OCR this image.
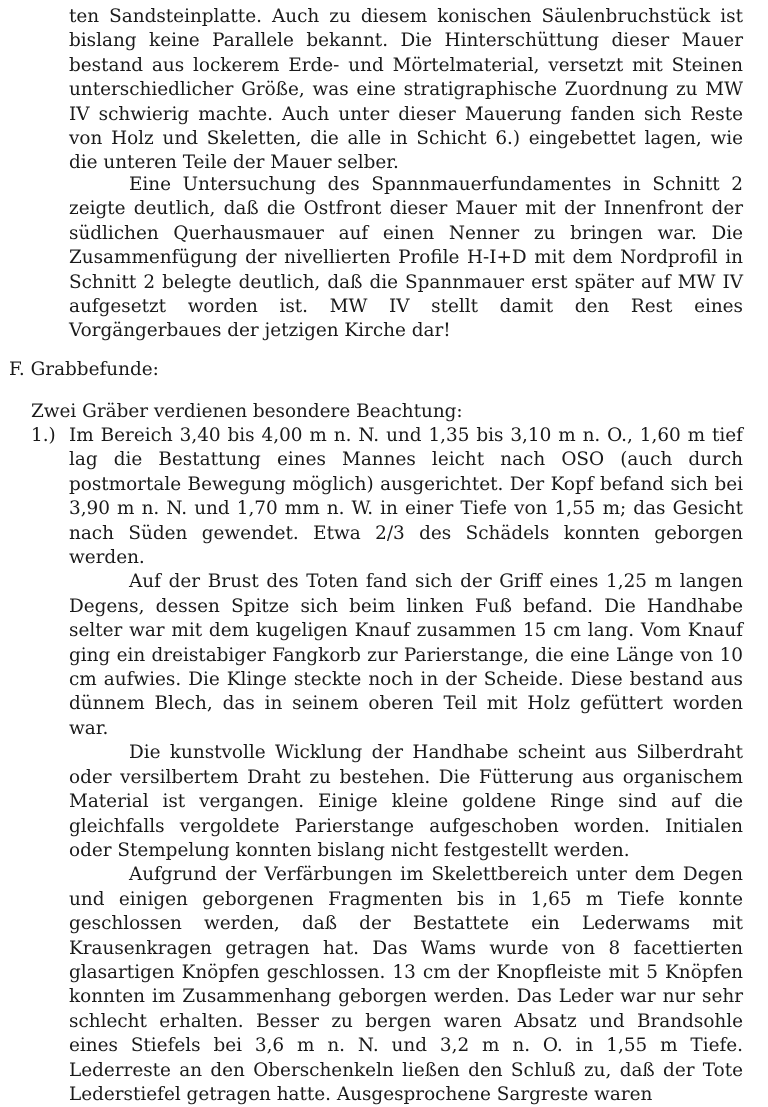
ten Sandsteinplatte. Auch zu diesem konischen Säulenbruchstück ist bislang keine Parallele bekannt. Die Hinterschüttung dieser Mauer bestand aus lockerem Erde- und Mörtelmaterial, versetzt mit Steinen unterschiedlicher Größe, was eine stratigraphische Zuordnung zu MW IV schwierig machte. Auch unter dieser Mauerung fanden sich Reste von Holz und Skeletten, die alle in Schicht 6.) eingebettet lagen, wie die unteren Teile der Mauer selber.

Eine Untersuchung des Spannmauerfundamentes in Schnitt 2 zeigte deutlich, daß die Ostfront dieser Mauer mit der Innenfront der südlichen Querhausmauer auf einen Nenner zu bringen war. Die Zusammenfügung der nivellierten Profile H-I+D mit dem Nordprofil in Schnitt 2 belegte deutlich, daß die Spannmauer erst später auf MW IV aufgesetzt worden ist. MW IV stellt damit den Rest eines Vorgängerbaues der jetzigen Kirche dar!

F. Grabbefunde:

Zwei Gräber verdienen besondere Beachtung:

1.) Im Bereich 3,40 bis 4,00 m n. N. und 1,35 bis 3,10 m n. O., 1,60 m tief lag die Bestattung eines Mannes leicht nach OSO (auch durch postmortale Bewegung möglich) ausgerichtet. Der Kopf befand sich bei 3,90 m n. N. und 1,70 mm n. W. in einer Tiefe von 1,55 m; das Gesicht nach Süden gewendet. Etwa 2/3 des Schädels konnten geborgen werden.

Auf der Brust des Toten fand sich der Griff eines 1,25 m langen Degens, dessen Spitze sich beim linken Fuß befand. Die Handhabe selter war mit dem kugeligen Knauf zusammen 15 cm lang. Vom Knauf ging ein dreistabiger Fangkorb zur Parierstange, die eine Länge von 10 cm aufwies. Die Klinge steckte noch in der Scheide. Diese bestand aus dünnem Blech, das in seinem oberen Teil mit Holz gefüttert worden war.

Die kunstvolle Wicklung der Handhabe scheint aus Silberdraht oder versilbertem Draht zu bestehen. Die Fütterung aus organischem Material ist vergangen. Einige kleine goldene Ringe sind auf die gleichfalls vergoldete Parierstange aufgeschoben worden. Initialen oder Stempelung konnten bislang nicht festgestellt werden.

Aufgrund der Verfärbungen im Skelettbereich unter dem Degen und einigen geborgenen Fragmenten bis in 1,65 m Tiefe konnte geschlossen werden, daß der Bestattete ein Lederwams mit Krausenkragen getragen hat. Das Wams wurde von 8 facettierten glasartigen Knöpfen geschlossen. 13 cm der Knopfleiste mit 5 Knöpfen konnten im Zusammenhang geborgen werden. Das Leder war nur sehr schlecht erhalten. Besser zu bergen waren Absatz und Brandsohle eines Stiefels bei 3,6 m n. N. und 3,2 m n. O. in 1,55 m Tiefe. Lederreste an den Oberschenkeln ließen den Schluß zu, daß der Tote Lederstiefel getragen hatte. Ausgesprochene Sargreste waren
